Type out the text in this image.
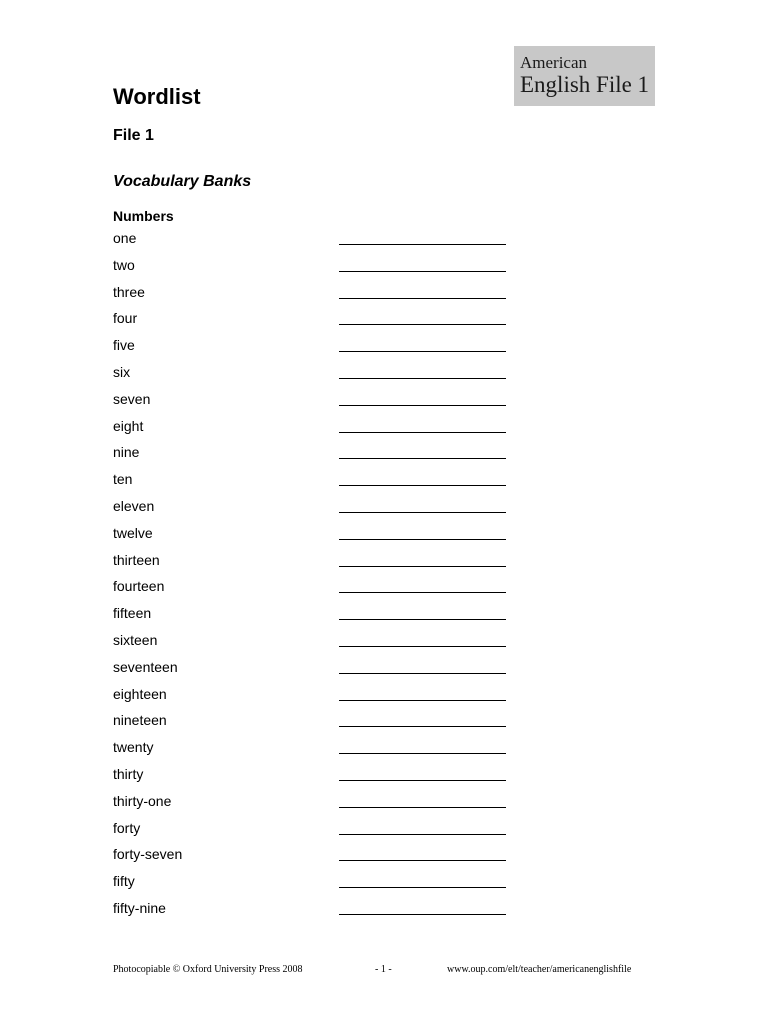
American
English File 1
Wordlist
File 1
Vocabulary Banks
Numbers
one
two
three
four
five
six
seven
eight
nine
ten
eleven
twelve
thirteen
fourteen
fifteen
sixteen
seventeen
eighteen
nineteen
twenty
thirty
thirty-one
forty
forty-seven
fifty
fifty-nine
Photocopiable © Oxford University Press 2008	- 1 -	www.oup.com/elt/teacher/americanenglishfile
